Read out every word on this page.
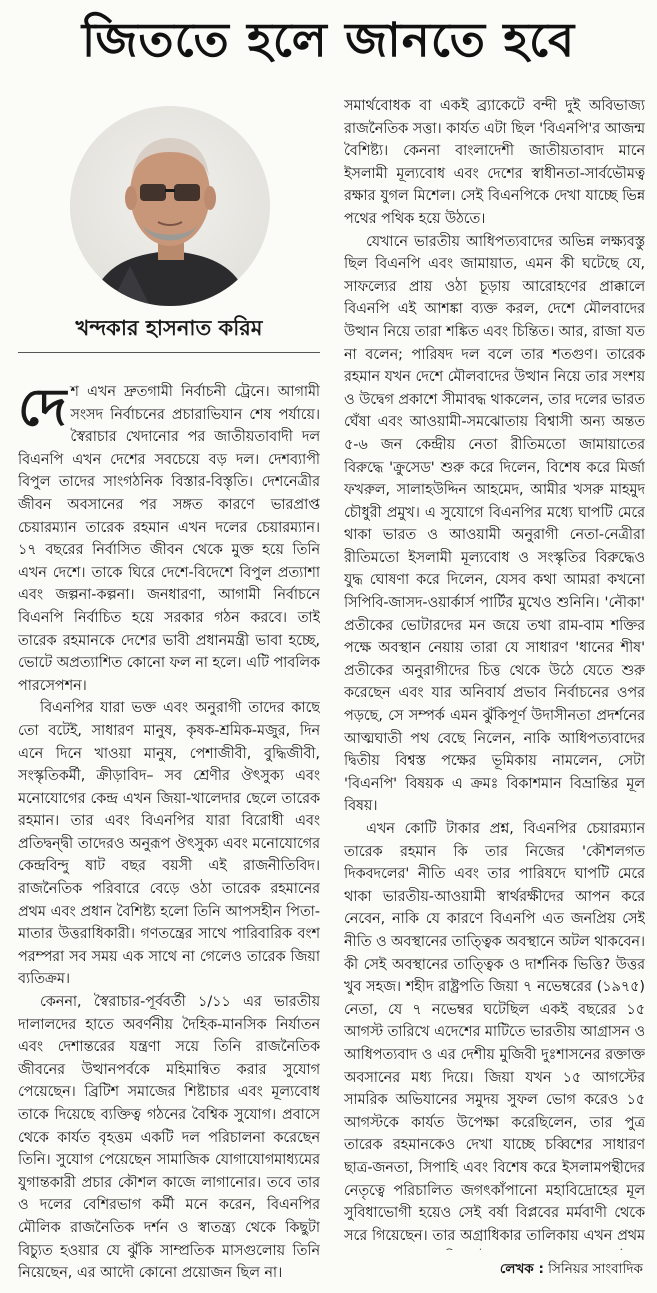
জিততে হলে জানতে হবে
খন্দকার হাসনাত করিম

দেশ এখন দ্রুতগামী নির্বাচনী ট্রেনে। আগামী সংসদ নির্বাচনের প্রচারাভিযান শেষ পর্যায়ে। স্বৈরাচার খেদানোর পর জাতীয়তাবাদী দল বিএনপি এখন দেশের সবচেয়ে বড় দল। দেশব্যাপী বিপুল তাদের সাংগঠনিক বিস্তার-বিস্তৃতি। দেশনেত্রীর জীবন অবসানের পর সঙ্গত কারণে ভারপ্রাপ্ত চেয়ারম্যান তারেক রহমান এখন দলের চেয়ারম্যান। ১৭ বছরের নির্বাসিত জীবন থেকে মুক্ত হয়ে তিনি এখন দেশে। তাকে ঘিরে দেশে-বিদেশে বিপুল প্রত্যাশা এবং জল্পনা-কল্পনা। জনধারণা, আগামী নির্বাচনে বিএনপি নির্বাচিত হয়ে সরকার গঠন করবে। তাই তারেক রহমানকে দেশের ভাবী প্রধানমন্ত্রী ভাবা হচ্ছে, ভোটে অপ্রত্যাশিত কোনো ফল না হলে। এটি পাবলিক পারসেপশন।

বিএনপির যারা ভক্ত এবং অনুরাগী তাদের কাছে তো বটেই, সাধারণ মানুষ, কৃষক-শ্রমিক-মজুর, দিন এনে দিনে খাওয়া মানুষ, পেশাজীবী, বুদ্ধিজীবী, সংস্কৃতিকর্মী, ক্রীড়াবিদ– সব শ্রেণীর ঔৎসুক্য এবং মনোযোগের কেন্দ্র এখন জিয়া-খালেদার ছেলে তারেক রহমান। তার এবং বিএনপির যারা বিরোধী এবং প্রতিদ্বন্দ্বী তাদেরও অনুরূপ ঔৎসুক্য এবং মনোযোগের কেন্দ্রবিন্দু ষাট বছর বয়সী এই রাজনীতিবিদ। রাজনৈতিক পরিবারে বেড়ে ওঠা তারেক রহমানের প্রথম এবং প্রধান বৈশিষ্ট্য হলো তিনি আপসহীন পিতা-মাতার উত্তরাধিকারী। গণতন্ত্রের সাথে পারিবারিক বংশ পরম্পরা সব সময় এক সাথে না গেলেও তারেক জিয়া ব্যতিক্রম।

কেননা, স্বৈরাচার-পূর্ববর্তী ১/১১ এর ভারতীয় দালালদের হাতে অবর্ণনীয় দৈহিক-মানসিক নির্যাতন এবং দেশান্তরের যন্ত্রণা সয়ে তিনি রাজনৈতিক জীবনের উত্থানপর্বকে মহিমান্বিত করার সুযোগ পেয়েছেন। ব্রিটিশ সমাজের শিষ্টাচার এবং মূল্যবোধ তাকে দিয়েছে ব্যক্তিত্ব গঠনের বৈশ্বিক সুযোগ। প্রবাসে থেকে কার্যত বৃহত্তম একটি দল পরিচালনা করেছেন তিনি। সুযোগ পেয়েছেন সামাজিক যোগাযোগমাধ্যমের যুগান্তকারী প্রচার কৌশল কাজে লাগানোর। তবে তার ও দলের বেশিরভাগ কর্মী মনে করেন, বিএনপির মৌলিক রাজনৈতিক দর্শন ও স্বাতন্ত্র্য থেকে কিছুটা বিচ্যুত হওয়ার যে ঝুঁকি সাম্প্রতিক মাসগুলোয় তিনি নিয়েছেন, এর আদৌ কোনো প্রয়োজন ছিল না।

সমার্থবোধক বা একই ব্র্যাকেটে বন্দী দুই অবিভাজ্য রাজনৈতিক সত্তা। কার্যত এটা ছিল 'বিএনপি'র আজন্ম বৈশিষ্ট্য। কেননা বাংলাদেশী জাতীয়তাবাদ মানে ইসলামী মূল্যবোধ এবং দেশের স্বাধীনতা-সার্বভৌমত্ব রক্ষার যুগল মিশেল। সেই বিএনপিকে দেখা যাচ্ছে ভিন্ন পথের পথিক হয়ে উঠতে।

যেখানে ভারতীয় আধিপত্যবাদের অভিন্ন লক্ষ্যবস্তু ছিল বিএনপি এবং জামায়াত, এমন কী ঘটেছে যে, সাফল্যের প্রায় ওঠা চূড়ায় আরোহণের প্রাক্কালে বিএনপি এই আশঙ্কা ব্যক্ত করল, দেশে মৌলবাদের উত্থান নিয়ে তারা শঙ্কিত এবং চিন্তিত। আর, রাজা যত না বলেন; পারিষদ দল বলে তার শতগুণ। তারেক রহমান যখন দেশে মৌলবাদের উত্থান নিয়ে তার সংশয় ও উদ্বেগ প্রকাশে সীমাবদ্ধ থাকলেন, তার দলের ভারত ঘেঁষা এবং আওয়ামী-সমঝোতায় বিশ্বাসী অন্য অন্তত ৫-৬ জন কেন্দ্রীয় নেতা রীতিমতো জামায়াতের বিরুদ্ধে 'ক্রুসেড' শুরু করে দিলেন, বিশেষ করে মির্জা ফখরুল, সালাহউদ্দিন আহমেদ, আমীর খসরু মাহমুদ চৌধুরী প্রমুখ। এ সুযোগে বিএনপির মধ্যে ঘাপটি মেরে থাকা ভারত ও আওয়ামী অনুরাগী নেতা-নেত্রীরা রীতিমতো ইসলামী মূল্যবোধ ও সংস্কৃতির বিরুদ্ধেও যুদ্ধ ঘোষণা করে দিলেন, যেসব কথা আমরা কখনো সিপিবি-জাসদ-ওয়ার্কার্স পার্টির মুখেও শুনিনি। 'নৌকা' প্রতীকের ভোটারদের মন জয়ে তথা রাম-বাম শক্তির পক্ষে অবস্থান নেয়ায় তারা যে সাধারণ 'ধানের শীষ' প্রতীকের অনুরাগীদের চিত্ত থেকে উঠে যেতে শুরু করেছেন এবং যার অনিবার্য প্রভাব নির্বাচনের ওপর পড়ছে, সে সম্পর্ক এমন ঝুঁকিপূর্ণ উদাসীনতা প্রদর্শনের আত্মঘাতী পথ বেছে নিলেন, নাকি আধিপত্যবাদের দ্বিতীয় বিশ্বস্ত পক্ষের ভূমিকায় নামলেন, সেটা 'বিএনপি' বিষয়ক এ ক্রমঃ বিকাশমান বিভ্রান্তির মূল বিষয়।

এখন কোটি টাকার প্রশ্ন, বিএনপির চেয়ারম্যান তারেক রহমান কি তার নিজের 'কৌশলগত দিকবদলের' নীতি এবং তার পারিষদে ঘাপটি মেরে থাকা ভারতীয়-আওয়ামী স্বার্থরক্ষীদের আপন করে নেবেন, নাকি যে কারণে বিএনপি এত জনপ্রিয় সেই নীতি ও অবস্থানের তাত্ত্বিক অবস্থানে অটল থাকবেন। কী সেই অবস্থানের তাত্ত্বিক ও দার্শনিক ভিত্তি? উত্তর খুব সহজ। শহীদ রাষ্ট্রপতি জিয়া ৭ নভেম্বরের (১৯৭৫) নেতা, যে ৭ নভেম্বর ঘটেছিল একই বছরের ১৫ আগস্ট তারিখে এদেশের মাটিতে ভারতীয় আগ্রাসন ও আধিপত্যবাদ ও এর দেশীয় মুজিবী দুঃশাসনের রক্তাক্ত অবসানের মধ্য দিয়ে। জিয়া যখন ১৫ আগস্টের সামরিক অভিযানের সমুদয় সুফল ভোগ করেও ১৫ আগস্টকে কার্যত উপেক্ষা করেছিলেন, তার পুত্র তারেক রহমানকেও দেখা যাচ্ছে চব্বিশের সাধারণ ছাত্র-জনতা, সিপাহি এবং বিশেষ করে ইসলামপন্থীদের নেতৃত্বে পরিচালিত জগৎকাঁপানো মহাবিদ্রোহের মূল সুবিধাভোগী হয়েও সেই বর্ষা বিপ্লবের মর্মবাণী থেকে সরে গিয়েছেন। তার অগ্রাধিকার তালিকায় এখন প্রথম

লেখক : সিনিয়র সাংবাদিক
